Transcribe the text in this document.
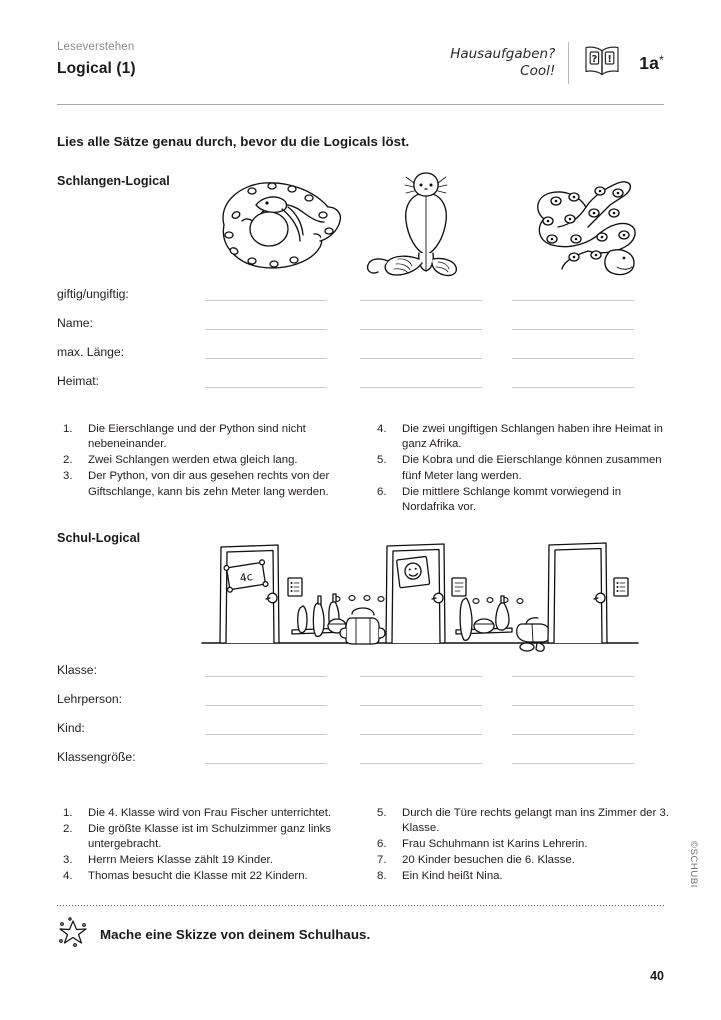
Leseverstehen
Logical (1)
Hausaufgaben?
Cool!
? ! 1a*
Lies alle Sätze genau durch, bevor du die Logicals löst.
Schlangen-Logical
giftig/ungiftig:
Name:
max. Länge:
Heimat:
1.	Die Eierschlange und der Python sind nicht nebeneinander.
2.	Zwei Schlangen werden etwa gleich lang.
3.	Der Python, von dir aus gesehen rechts von der Giftschlange, kann bis zehn Meter lang werden.
4.	Die zwei ungiftigen Schlangen haben ihre Heimat in ganz Afrika.
5.	Die Kobra und die Eierschlange können zusammen fünf Meter lang werden.
6.	Die mittlere Schlange kommt vorwiegend in Nordafrika vor.
Schul-Logical
4c
Klasse:
Lehrperson:
Kind:
Klassengröße:
1.	Die 4. Klasse wird von Frau Fischer unterrichtet.
2.	Die größte Klasse ist im Schulzimmer ganz links untergebracht.
3.	Herrn Meiers Klasse zählt 19 Kinder.
4.	Thomas besucht die Klasse mit 22 Kindern.
5.	Durch die Türe rechts gelangt man ins Zimmer der 3. Klasse.
6.	Frau Schuhmann ist Karins Lehrerin.
7.	20 Kinder besuchen die 6. Klasse.
8.	Ein Kind heißt Nina.
Mache eine Skizze von deinem Schulhaus.
©SCHUBI
40
